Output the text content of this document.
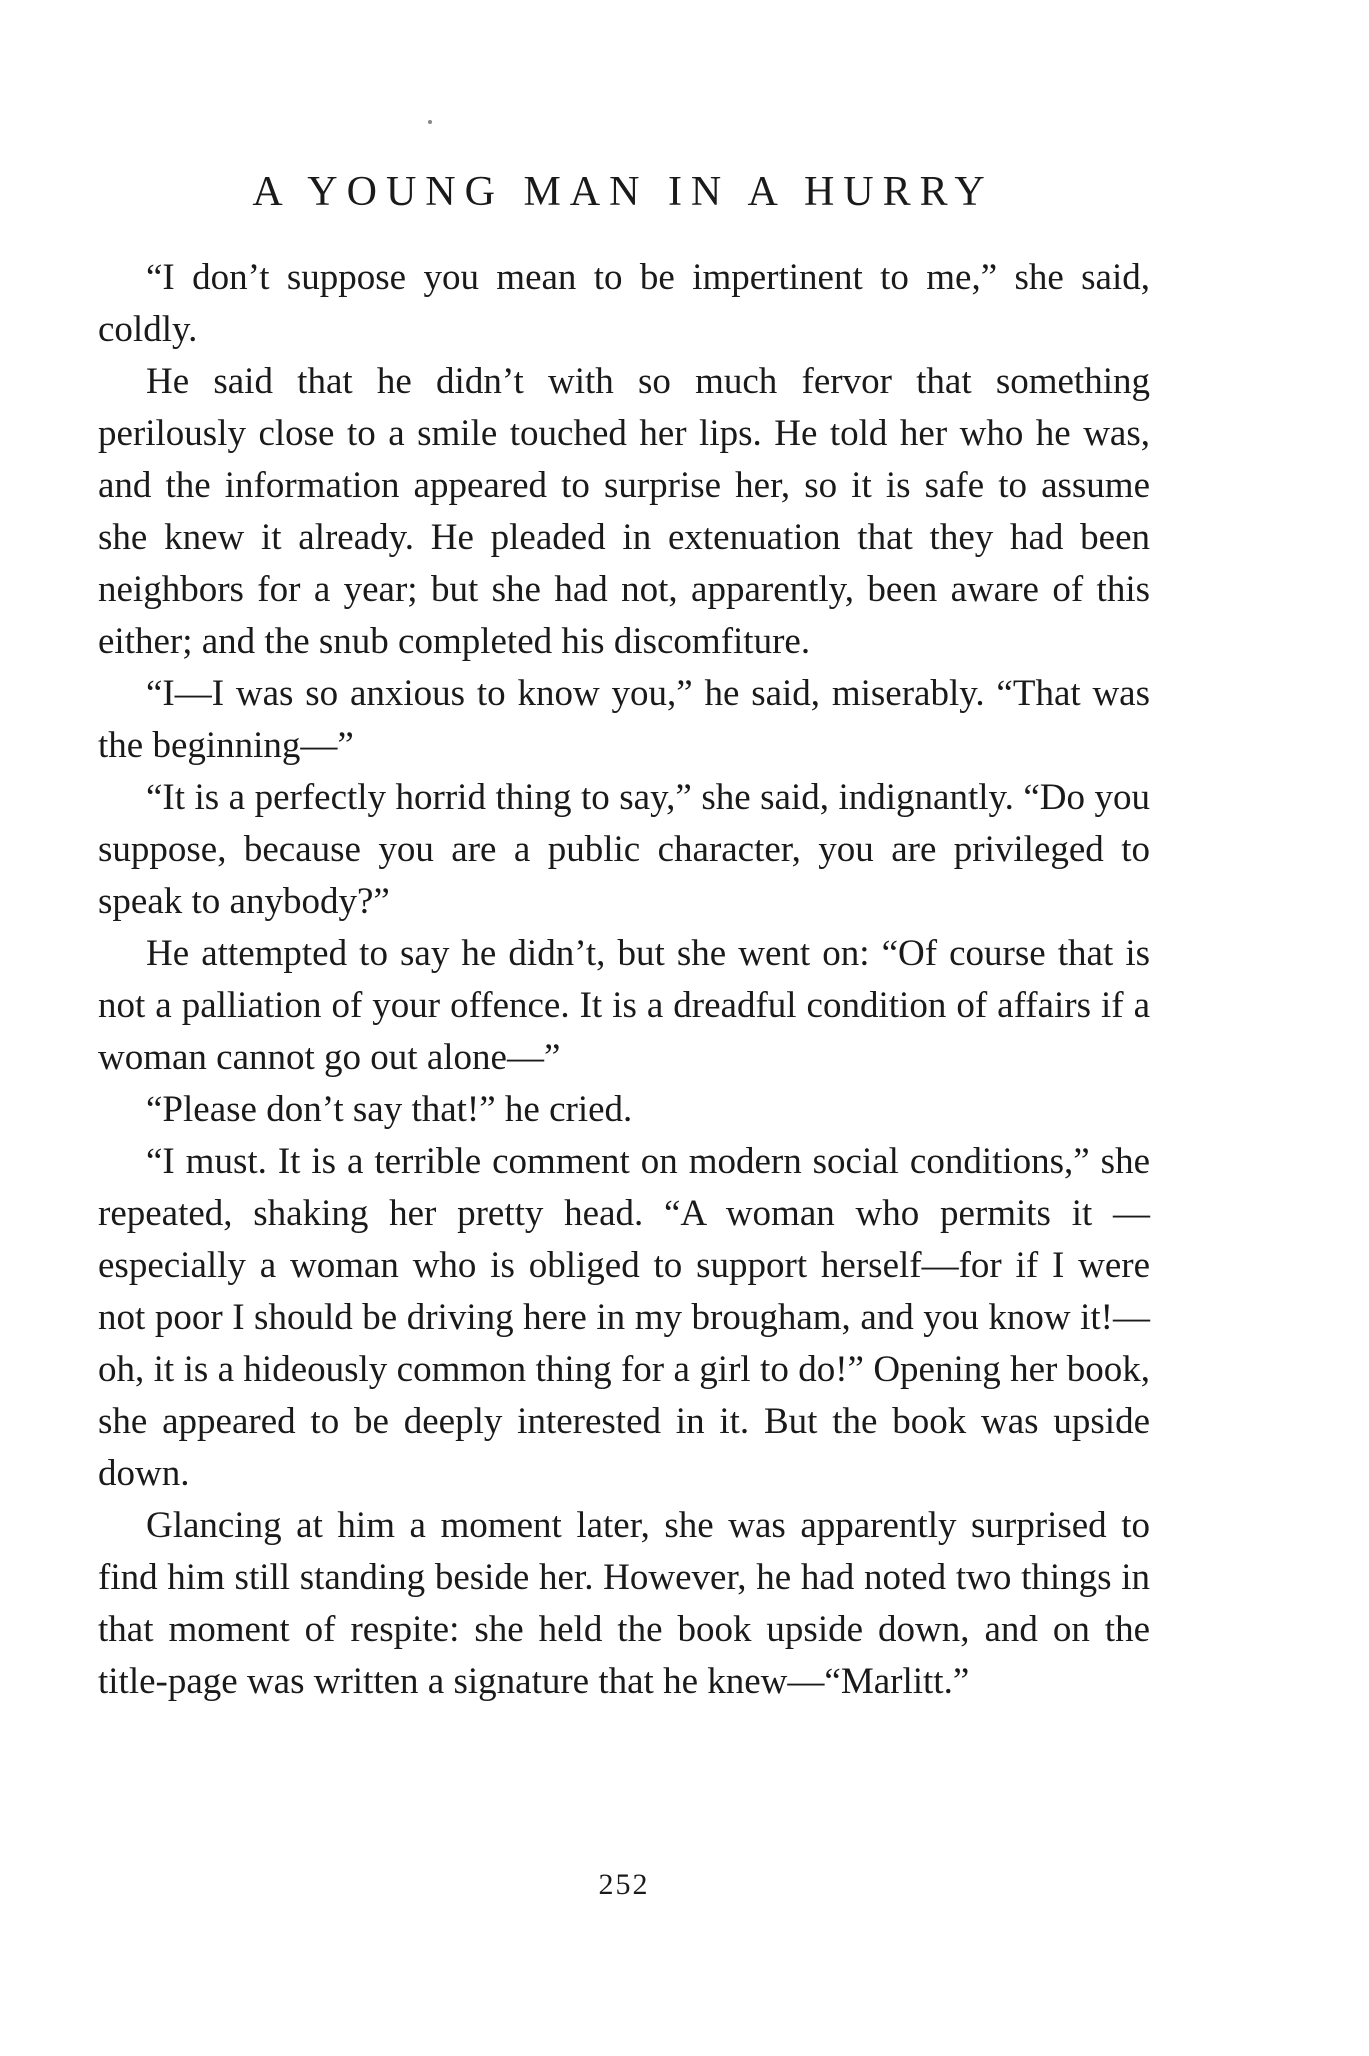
A YOUNG MAN IN A HURRY

“I don’t suppose you mean to be impertinent to me,” she said, coldly.

He said that he didn’t with so much fervor that something perilously close to a smile touched her lips. He told her who he was, and the information appeared to surprise her, so it is safe to assume she knew it already. He pleaded in extenuation that they had been neighbors for a year; but she had not, apparently, been aware of this either; and the snub completed his discomfiture.

“I—I was so anxious to know you,” he said, miserably. “That was the beginning—”

“It is a perfectly horrid thing to say,” she said, indignantly. “Do you suppose, because you are a public character, you are privileged to speak to anybody?”

He attempted to say he didn’t, but she went on: “Of course that is not a palliation of your offence. It is a dreadful condition of affairs if a woman cannot go out alone—”

“Please don’t say that!” he cried.

“I must. It is a terrible comment on modern social conditions,” she repeated, shaking her pretty head. “A woman who permits it — especially a woman who is obliged to support herself—for if I were not poor I should be driving here in my brougham, and you know it!—oh, it is a hideously common thing for a girl to do!” Opening her book, she appeared to be deeply interested in it. But the book was upside down.

Glancing at him a moment later, she was apparently surprised to find him still standing beside her. However, he had noted two things in that moment of respite: she held the book upside down, and on the title-page was written a signature that he knew—“Marlitt.”

252
